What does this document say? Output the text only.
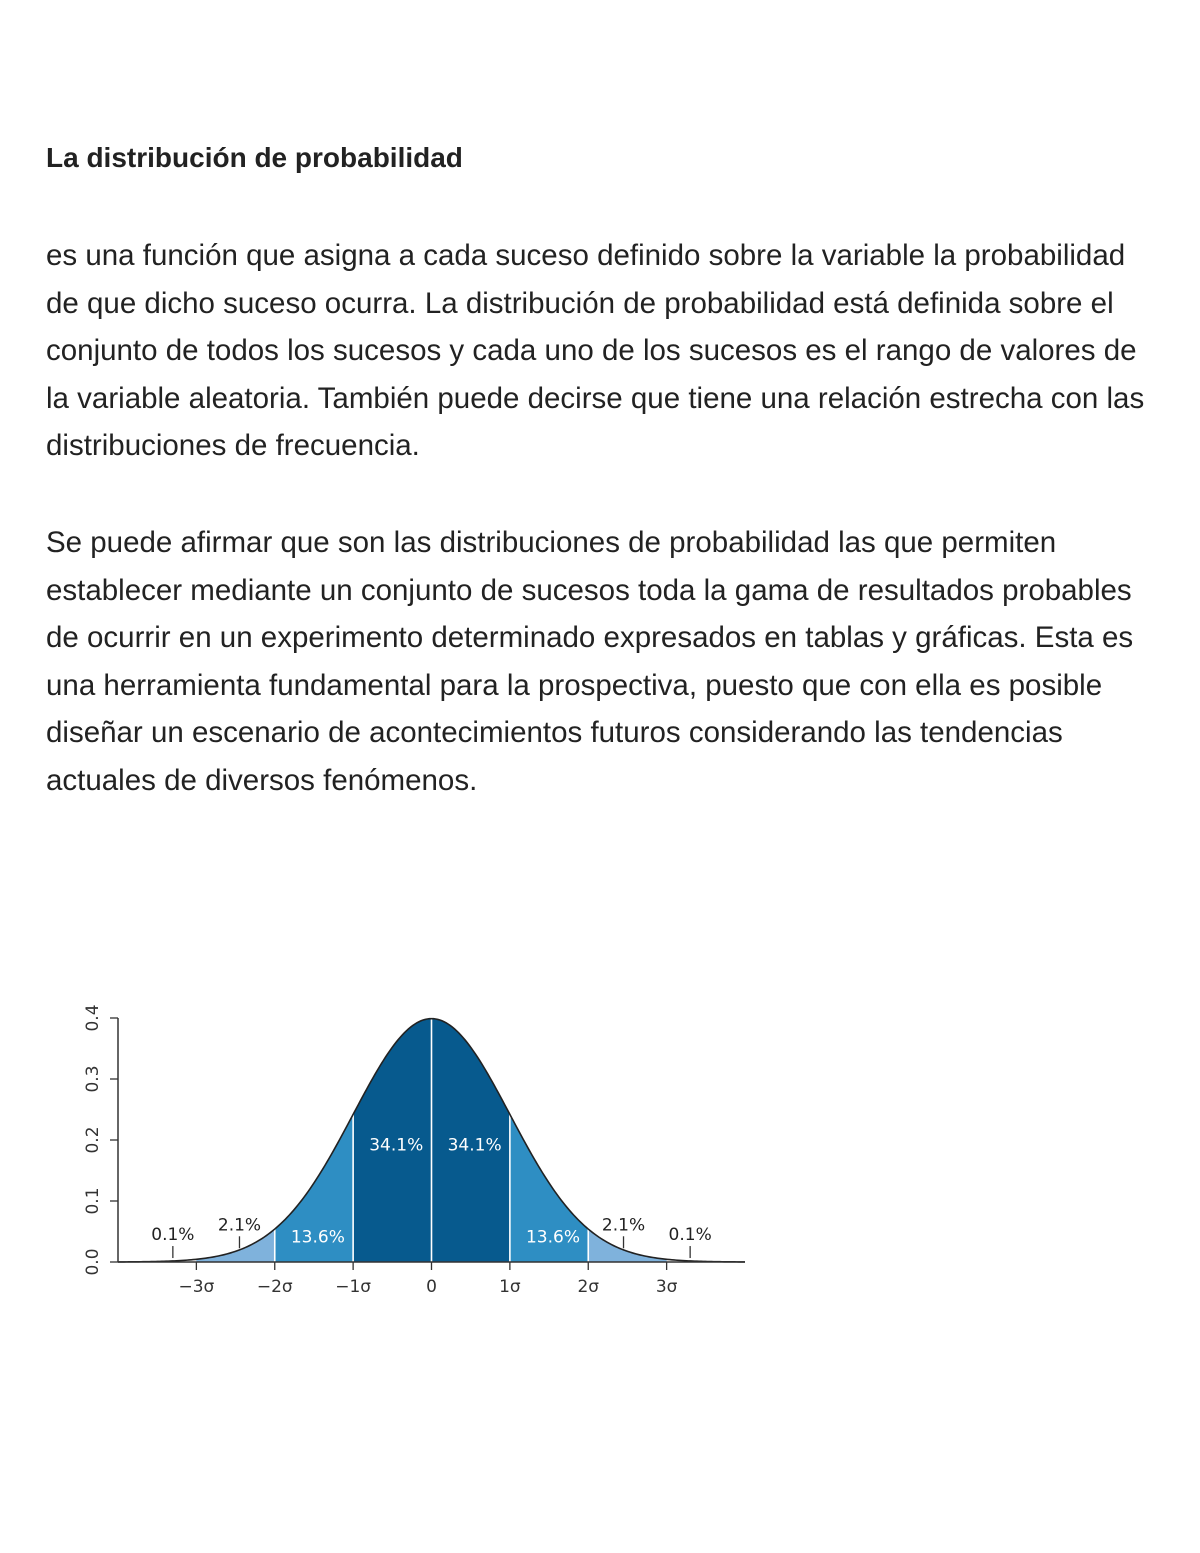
La distribución de probabilidad

es una función que asigna a cada suceso definido sobre la variable la probabilidad de que dicho suceso ocurra. La distribución de probabilidad está definida sobre el conjunto de todos los sucesos y cada uno de los sucesos es el rango de valores de la variable aleatoria. También puede decirse que tiene una relación estrecha con las distribuciones de frecuencia.

Se puede afirmar que son las distribuciones de probabilidad las que permiten establecer mediante un conjunto de sucesos toda la gama de resultados probables de ocurrir en un experimento determinado expresados en tablas y gráficas. Esta es una herramienta fundamental para la prospectiva, puesto que con ella es posible diseñar un escenario de acontecimientos futuros considerando las tendencias actuales de diversos fenómenos.

−3σ	−2σ	−1σ	0	1σ	2σ	3σ
0.0
0.1
0.2
0.3
0.4
0.1% 2.1%
13.6%
34.1% 34.1%
13.6%
2.1% 0.1%
